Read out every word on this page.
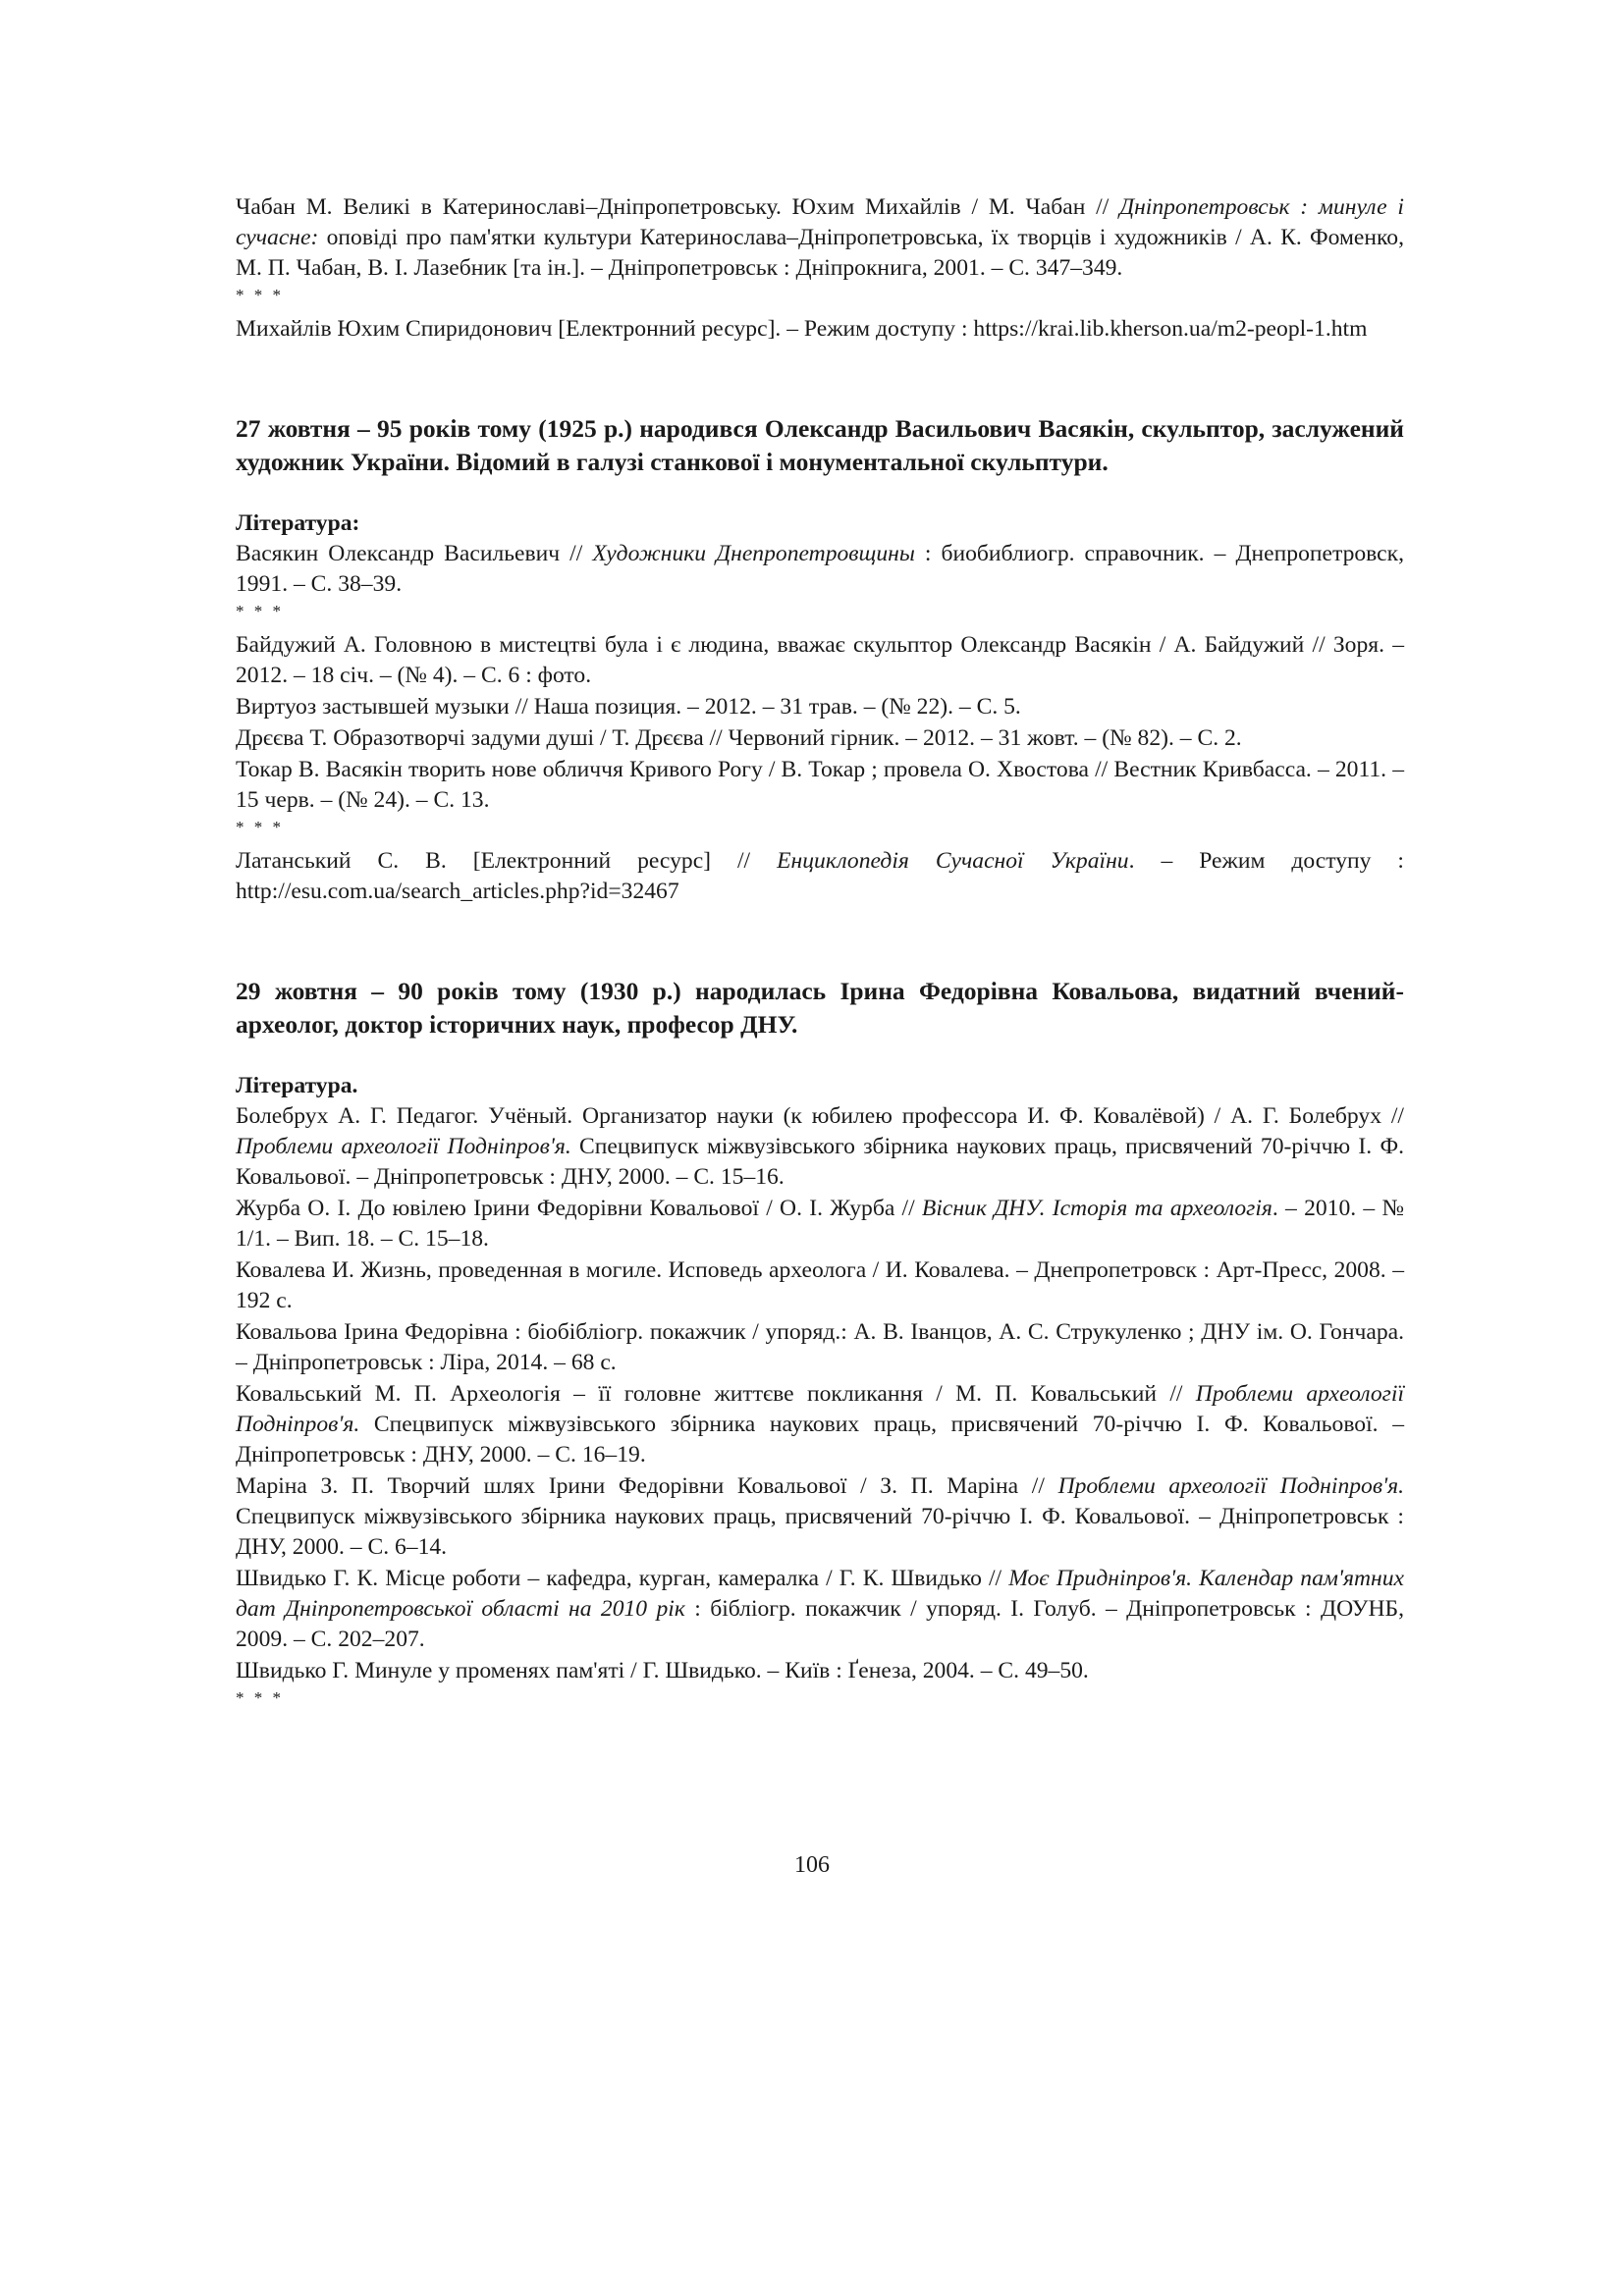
Чабан М. Великі в Катеринославі–Дніпропетровську. Юхим Михайлів / М. Чабан // Дніпропетровськ : минуле і сучасне: оповіді про пам'ятки культури Катеринослава–Дніпропетровська, їх творців і художників / А. К. Фоменко, М. П. Чабан, В. І. Лазебник [та ін.]. – Дніпропетровськ : Дніпрокнига, 2001. – С. 347–349.

* * *

Михайлів Юхим Спиридонович [Електронний ресурс]. – Режим доступу : https://krai.lib.kherson.ua/m2-peopl-1.htm

27 жовтня – 95 років тому (1925 р.) народився Олександр Васильович Васякін, скульптор, заслужений художник України. Відомий в галузі станкової і монументальної скульптури.

Література:

Васякин Олександр Васильевич // Художники Днепропетровщины : биобиблиогр. справочник. – Днепропетровск, 1991. – С. 38–39.

* * *

Байдужий А. Головною в мистецтві була і є людина, вважає скульптор Олександр Васякін / А. Байдужий // Зоря. – 2012. – 18 січ. – (№ 4). – С. 6 : фото.

Виртуоз застывшей музыки // Наша позиция. – 2012. – 31 трав. – (№ 22). – С. 5.

Дрєєва Т. Образотворчі задуми душі / Т. Дрєєва // Червоний гірник. – 2012. – 31 жовт. – (№ 82). – С. 2.

Токар В. Васякін творить нове обличчя Кривого Рогу / В. Токар ; провела О. Хвостова // Вестник Кривбасса. – 2011. – 15 черв. – (№ 24). – С. 13.

* * *

Латанський С. В. [Електронний ресурс] // Енциклопедія Сучасної України. – Режим доступу : http://esu.com.ua/search_articles.php?id=32467

29 жовтня – 90 років тому (1930 р.) народилась Ірина Федорівна Ковальова, видатний вчений-археолог, доктор історичних наук, професор ДНУ.

Література.

Болебрух А. Г. Педагог. Учёный. Организатор науки (к юбилею профессора И. Ф. Ковалёвой) / А. Г. Болебрух // Проблеми археології Подніпров'я. Спецвипуск міжвузівського збірника наукових праць, присвячений 70-річчю І. Ф. Ковальової. – Дніпропетровськ : ДНУ, 2000. – С. 15–16.

Журба О. І. До ювілею Ірини Федорівни Ковальової / О. І. Журба // Вісник ДНУ. Історія та археологія. – 2010. – № 1/1. – Вип. 18. – С. 15–18.

Ковалева И. Жизнь, проведенная в могиле. Исповедь археолога / И. Ковалева. – Днепропетровск : Арт-Пресс, 2008. – 192 с.

Ковальова Ірина Федорівна : біобібліогр. покажчик / упоряд.: А. В. Іванцов, А. С. Струкуленко ; ДНУ ім. О. Гончара. – Дніпропетровськ : Ліра, 2014. – 68 с.

Ковальський М. П. Археологія – її головне життєве покликання / М. П. Ковальський // Проблеми археології Подніпров'я. Спецвипуск міжвузівського збірника наукових праць, присвячений 70-річчю І. Ф. Ковальової. – Дніпропетровськ : ДНУ, 2000. – С. 16–19.

Маріна З. П. Творчий шлях Ірини Федорівни Ковальової / З. П. Маріна // Проблеми археології Подніпров'я. Спецвипуск міжвузівського збірника наукових праць, присвячений 70-річчю І. Ф. Ковальової. – Дніпропетровськ : ДНУ, 2000. – С. 6–14.

Швидько Г. К. Місце роботи – кафедра, курган, камералка / Г. К. Швидько // Моє Придніпров'я. Календар пам'ятних дат Дніпропетровської області на 2010 рік : бібліогр. покажчик / упоряд. І. Голуб. – Дніпропетровськ : ДОУНБ, 2009. – С. 202–207.

Швидько Г. Минуле у променях пам'яті / Г. Швидько. – Київ : Ґенеза, 2004. – С. 49–50.

* * *

106
